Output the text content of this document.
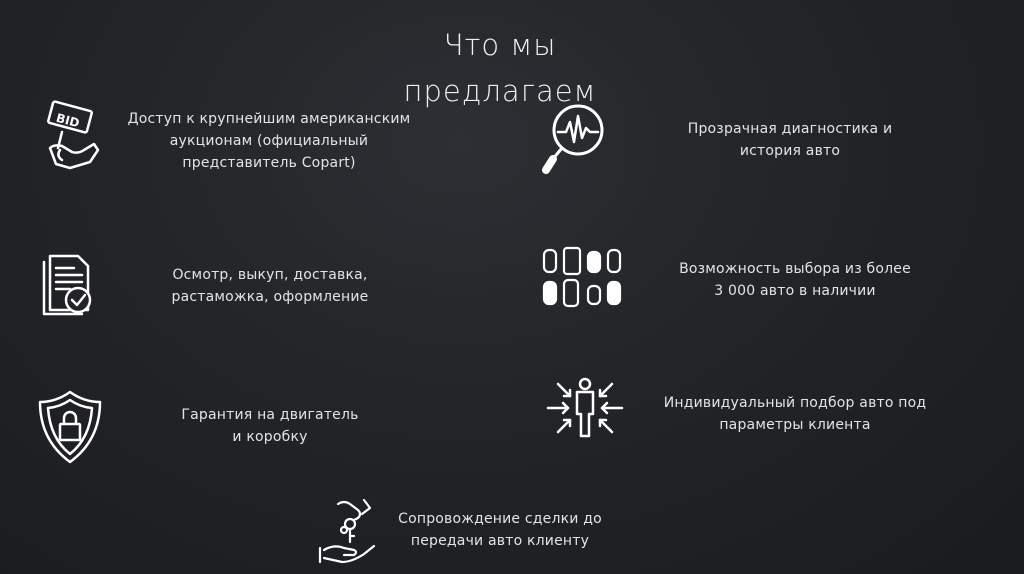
Что мы
предлагаем
BID	Доступ к крупнейшим американским
аукционам (официальный
представитель Copart)
Прозрачная диагностика и
история авто
Осмотр, выкуп, доставка,
растаможка, оформление
Возможность выбора из более
3 000 авто в наличии
Гарантия на двигатель
и коробку
Индивидуальный подбор авто под
параметры клиента
Сопровождение сделки до
передачи авто клиенту
